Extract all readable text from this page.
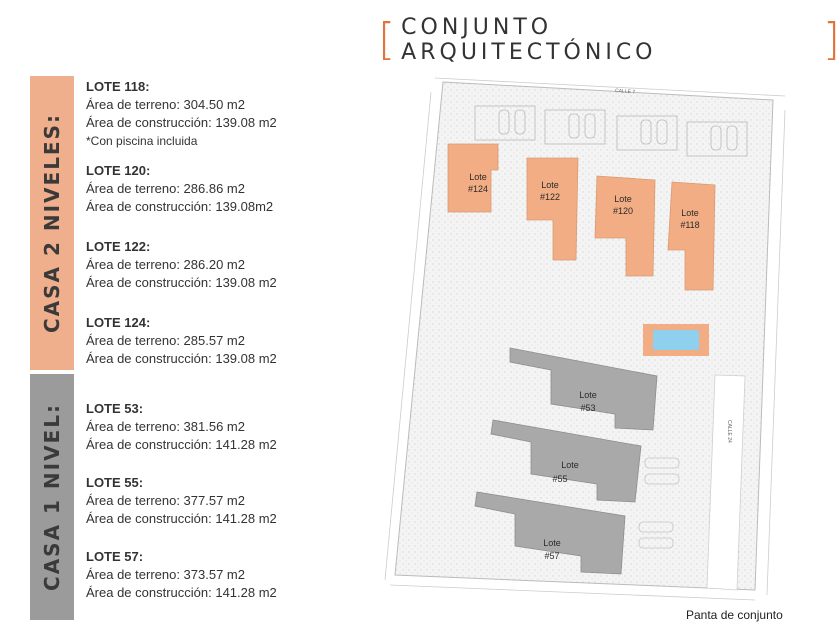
[ CONJUNTO ARQUITECTÓNICO	]
CASA 2 NIVELES:
CASA 1 NIVEL:
LOTE 118:
Área de terreno: 304.50 m2
Área de construcción: 139.08 m2
*Con piscina incluida
LOTE 120:
Área de terreno: 286.86 m2
Área de construcción: 139.08m2
LOTE 122:
Área de terreno: 286.20 m2
Área de construcción: 139.08 m2
LOTE 124:
Área de terreno: 285.57 m2
Área de construcción: 139.08 m2
LOTE 53:
Área de terreno: 381.56 m2
Área de construcción: 141.28 m2
LOTE 55:
Área de terreno: 377.57 m2
Área de construcción: 141.28 m2
LOTE 57:
Área de terreno: 373.57 m2
Área de construcción: 141.28 m2
CALLE 7
CALLE 24
Lote
#124	Lote
#122	Lote
#120	Lote
#118
Lote
#53
Lote
#55
Lote
#57
Panta de conjunto
